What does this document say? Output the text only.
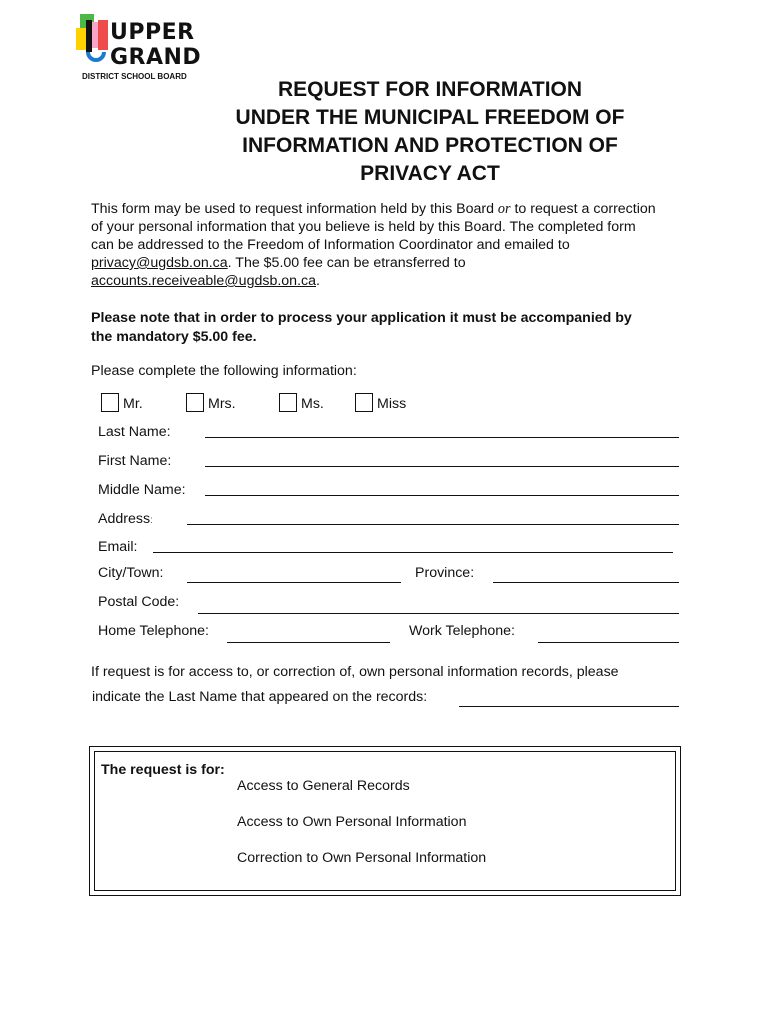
UPPER
GRAND
DISTRICT SCHOOL BOARD
REQUEST FOR INFORMATION
UNDER THE MUNICIPAL FREEDOM OF
INFORMATION AND PROTECTION OF
PRIVACY ACT
This form may be used to request information held by this Board or to request a correction
of your personal information that you believe is held by this Board. The completed form
can be addressed to the Freedom of Information Coordinator and emailed to
privacy@ugdsb.on.ca. The $5.00 fee can be etransferred to
accounts.receiveable@ugdsb.on.ca.
Please note that in order to process your application it must be accompanied by
the mandatory $5.00 fee.
Please complete the following information:
Mr.	Mrs.	Ms.	Miss
Last Name:
First Name:
Middle Name:
Address:
Email:
City/Town:	Province:
Postal Code:
Home Telephone:	Work Telephone:
If request is for access to, or correction of, own personal information records, please
indicate the Last Name that appeared on the records:
The request is for:
Access to General Records
Access to Own Personal Information
Correction to Own Personal Information
